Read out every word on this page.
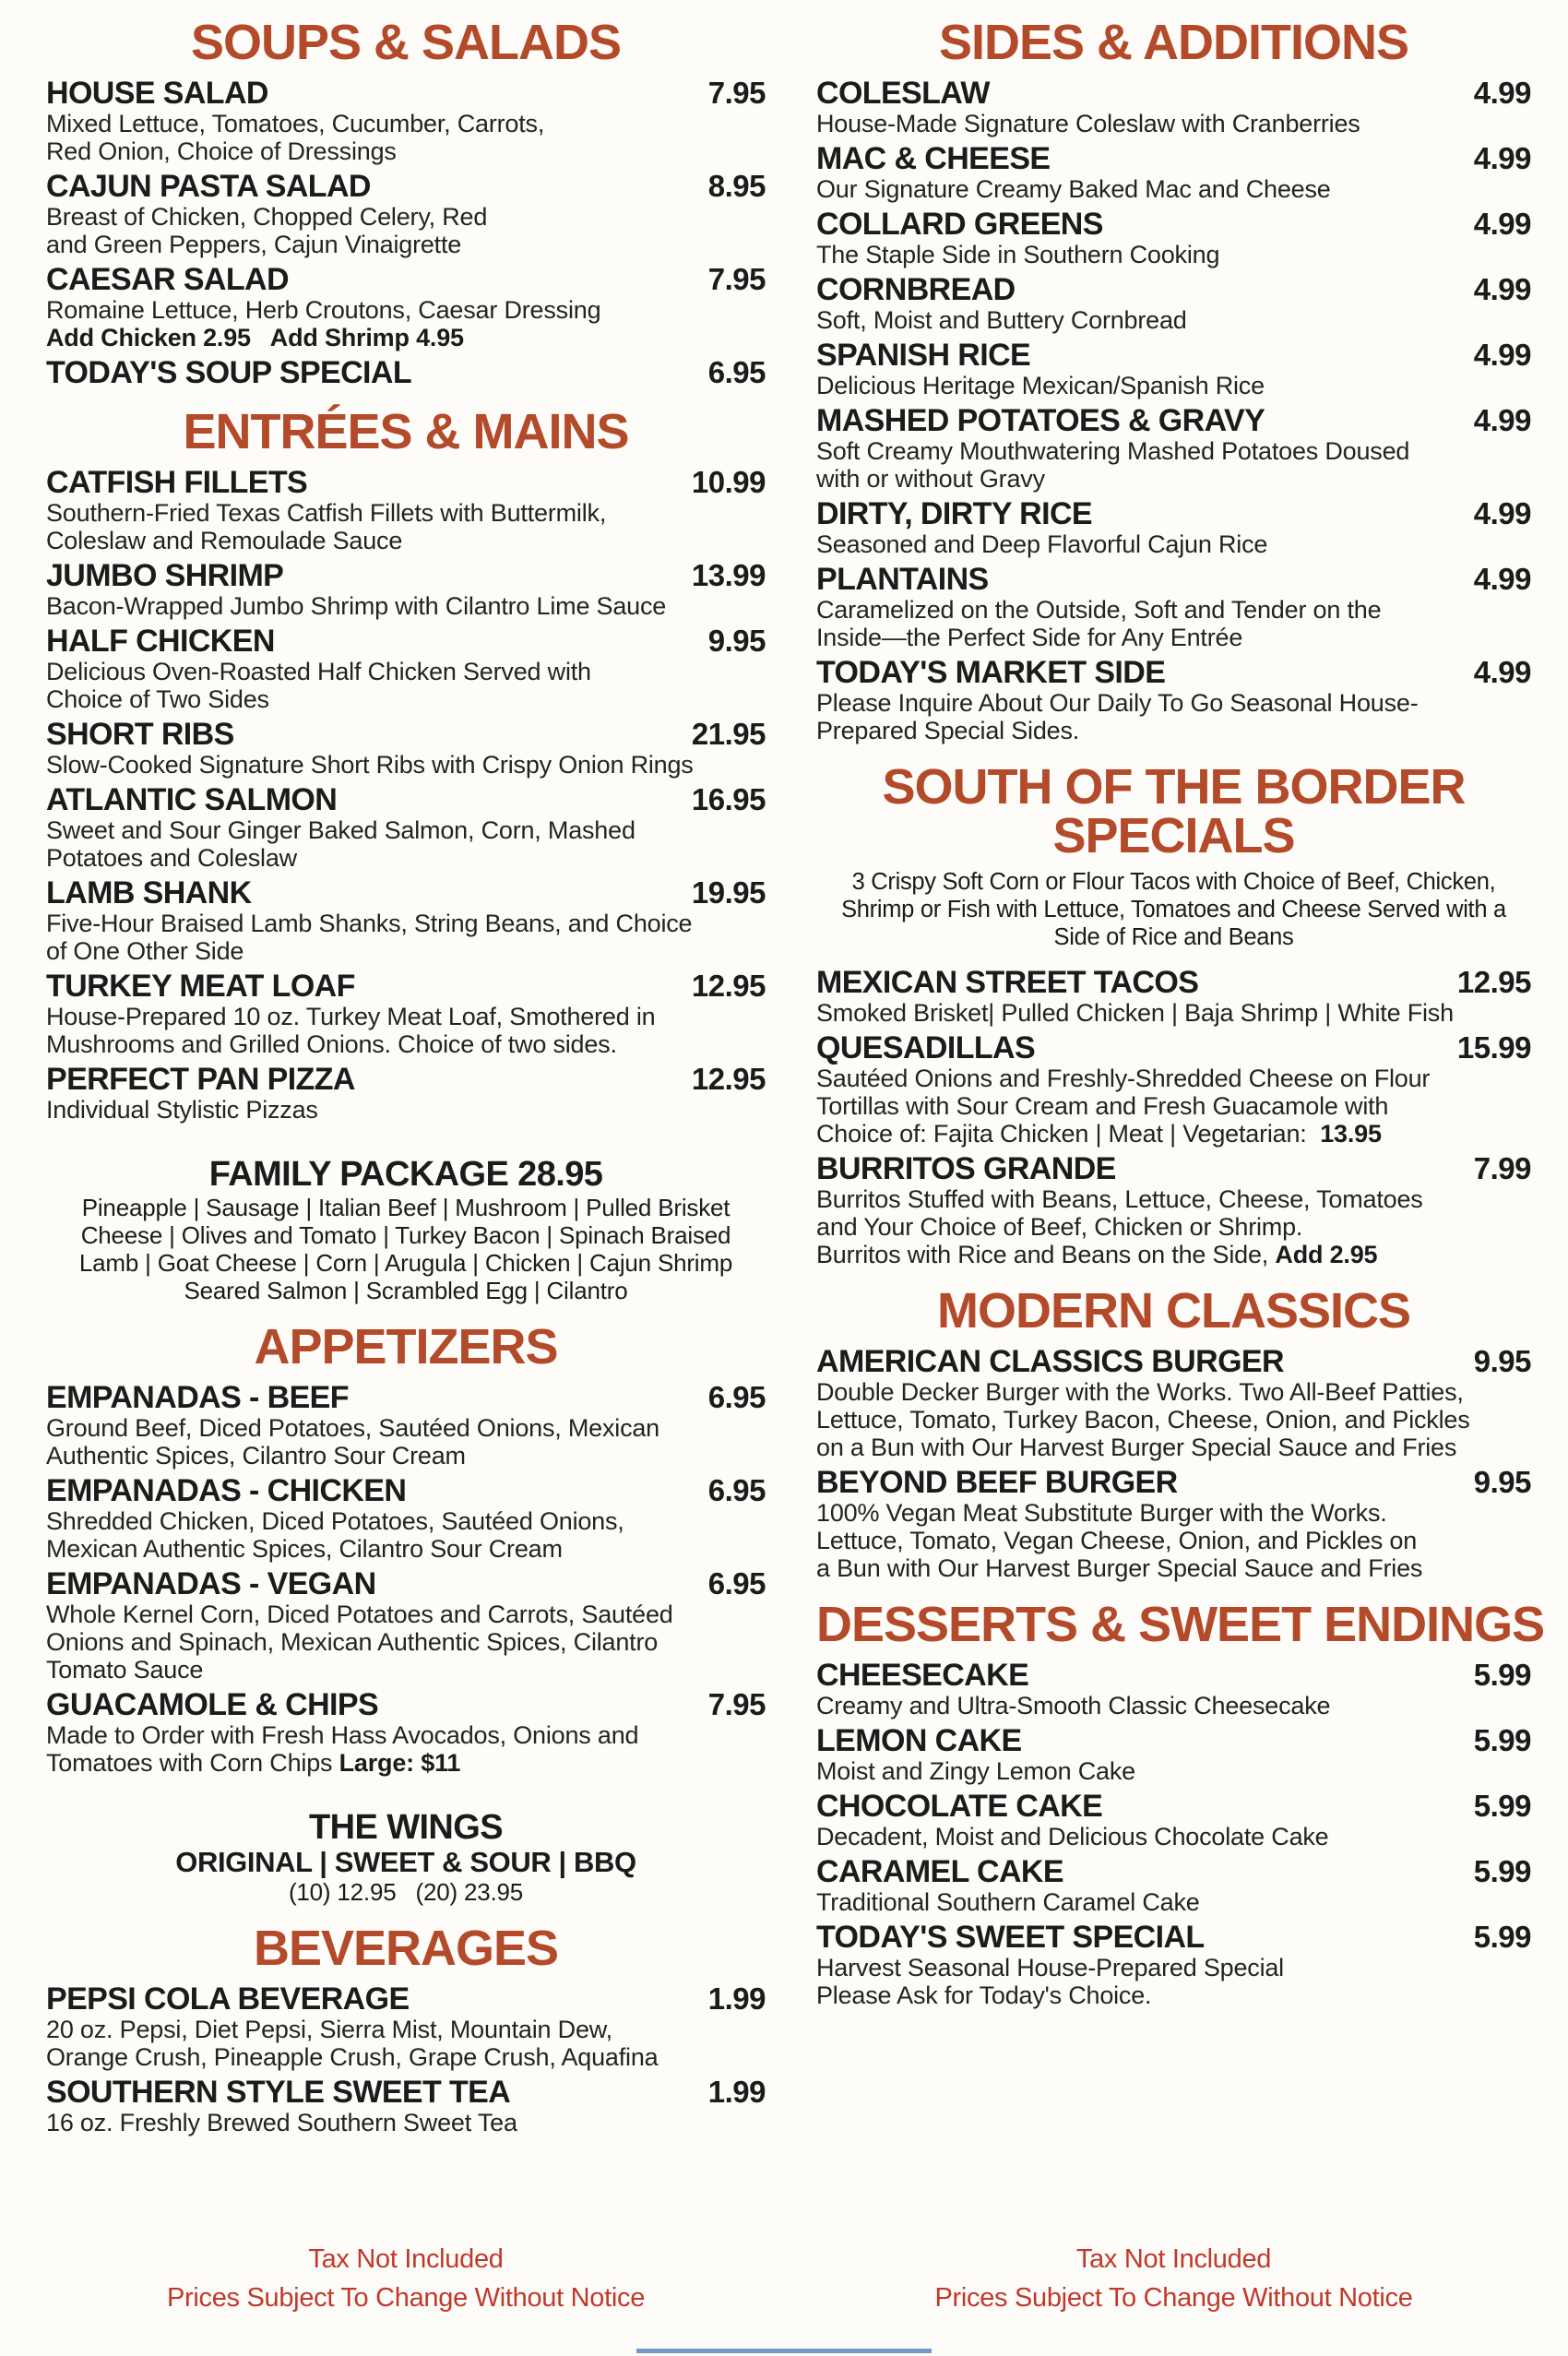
SOUPS & SALADS
HOUSE SALAD	7.95
Mixed Lettuce, Tomatoes, Cucumber, Carrots,
Red Onion, Choice of Dressings
CAJUN PASTA SALAD	8.95
Breast of Chicken, Chopped Celery, Red
and Green Peppers, Cajun Vinaigrette
CAESAR SALAD	7.95
Romaine Lettuce, Herb Croutons, Caesar Dressing
Add Chicken 2.95   Add Shrimp 4.95
TODAY'S SOUP SPECIAL	6.95
ENTRÉES & MAINS
CATFISH FILLETS	10.99
Southern-Fried Texas Catfish Fillets with Buttermilk,
Coleslaw and Remoulade Sauce
JUMBO SHRIMP	13.99
Bacon-Wrapped Jumbo Shrimp with Cilantro Lime Sauce
HALF CHICKEN	9.95
Delicious Oven-Roasted Half Chicken Served with
Choice of Two Sides
SHORT RIBS	21.95
Slow-Cooked Signature Short Ribs with Crispy Onion Rings
ATLANTIC SALMON	16.95
Sweet and Sour Ginger Baked Salmon, Corn, Mashed
Potatoes and Coleslaw
LAMB SHANK	19.95
Five-Hour Braised Lamb Shanks, String Beans, and Choice
of One Other Side
TURKEY MEAT LOAF	12.95
House-Prepared 10 oz. Turkey Meat Loaf, Smothered in
Mushrooms and Grilled Onions. Choice of two sides.
PERFECT PAN PIZZA	12.95
Individual Stylistic Pizzas
FAMILY PACKAGE 28.95
Pineapple | Sausage | Italian Beef | Mushroom | Pulled Brisket
Cheese | Olives and Tomato | Turkey Bacon | Spinach Braised
Lamb | Goat Cheese | Corn | Arugula | Chicken | Cajun Shrimp
Seared Salmon | Scrambled Egg | Cilantro
APPETIZERS
EMPANADAS - BEEF	6.95
Ground Beef, Diced Potatoes, Sautéed Onions, Mexican
Authentic Spices, Cilantro Sour Cream
EMPANADAS - CHICKEN	6.95
Shredded Chicken, Diced Potatoes, Sautéed Onions,
Mexican Authentic Spices, Cilantro Sour Cream
EMPANADAS - VEGAN	6.95
Whole Kernel Corn, Diced Potatoes and Carrots, Sautéed
Onions and Spinach, Mexican Authentic Spices, Cilantro
Tomato Sauce
GUACAMOLE & CHIPS	7.95
Made to Order with Fresh Hass Avocados, Onions and
Tomatoes with Corn Chips Large: $11
THE WINGS
ORIGINAL | SWEET & SOUR | BBQ
(10) 12.95   (20) 23.95
BEVERAGES
PEPSI COLA BEVERAGE	1.99
20 oz. Pepsi, Diet Pepsi, Sierra Mist, Mountain Dew,
Orange Crush, Pineapple Crush, Grape Crush, Aquafina
SOUTHERN STYLE SWEET TEA	1.99
16 oz. Freshly Brewed Southern Sweet Tea
SIDES & ADDITIONS
COLESLAW	4.99
House-Made Signature Coleslaw with Cranberries
MAC & CHEESE	4.99
Our Signature Creamy Baked Mac and Cheese
COLLARD GREENS	4.99
The Staple Side in Southern Cooking
CORNBREAD	4.99
Soft, Moist and Buttery Cornbread
SPANISH RICE	4.99
Delicious Heritage Mexican/Spanish Rice
MASHED POTATOES & GRAVY	4.99
Soft Creamy Mouthwatering Mashed Potatoes Doused
with or without Gravy
DIRTY, DIRTY RICE	4.99
Seasoned and Deep Flavorful Cajun Rice
PLANTAINS	4.99
Caramelized on the Outside, Soft and Tender on the
Inside—the Perfect Side for Any Entrée
TODAY'S MARKET SIDE	4.99
Please Inquire About Our Daily To Go Seasonal House-
Prepared Special Sides.
SOUTH OF THE BORDER
SPECIALS
3 Crispy Soft Corn or Flour Tacos with Choice of Beef, Chicken,
Shrimp or Fish with Lettuce, Tomatoes and Cheese Served with a
Side of Rice and Beans
MEXICAN STREET TACOS	12.95
Smoked Brisket| Pulled Chicken | Baja Shrimp | White Fish
QUESADILLAS	15.99
Sautéed Onions and Freshly-Shredded Cheese on Flour
Tortillas with Sour Cream and Fresh Guacamole with
Choice of: Fajita Chicken | Meat | Vegetarian:  13.95
BURRITOS GRANDE	7.99
Burritos Stuffed with Beans, Lettuce, Cheese, Tomatoes
and Your Choice of Beef, Chicken or Shrimp.
Burritos with Rice and Beans on the Side, Add 2.95
MODERN CLASSICS
AMERICAN CLASSICS BURGER	9.95
Double Decker Burger with the Works. Two All-Beef Patties,
Lettuce, Tomato, Turkey Bacon, Cheese, Onion, and Pickles
on a Bun with Our Harvest Burger Special Sauce and Fries
BEYOND BEEF BURGER	9.95
100% Vegan Meat Substitute Burger with the Works.
Lettuce, Tomato, Vegan Cheese, Onion, and Pickles on
a Bun with Our Harvest Burger Special Sauce and Fries
DESSERTS & SWEET ENDINGS
CHEESECAKE	5.99
Creamy and Ultra-Smooth Classic Cheesecake
LEMON CAKE	5.99
Moist and Zingy Lemon Cake
CHOCOLATE CAKE	5.99
Decadent, Moist and Delicious Chocolate Cake
CARAMEL CAKE	5.99
Traditional Southern Caramel Cake
TODAY'S SWEET SPECIAL	5.99
Harvest Seasonal House-Prepared Special
Please Ask for Today's Choice.
Tax Not Included
Prices Subject To Change Without Notice
Tax Not Included
Prices Subject To Change Without Notice
